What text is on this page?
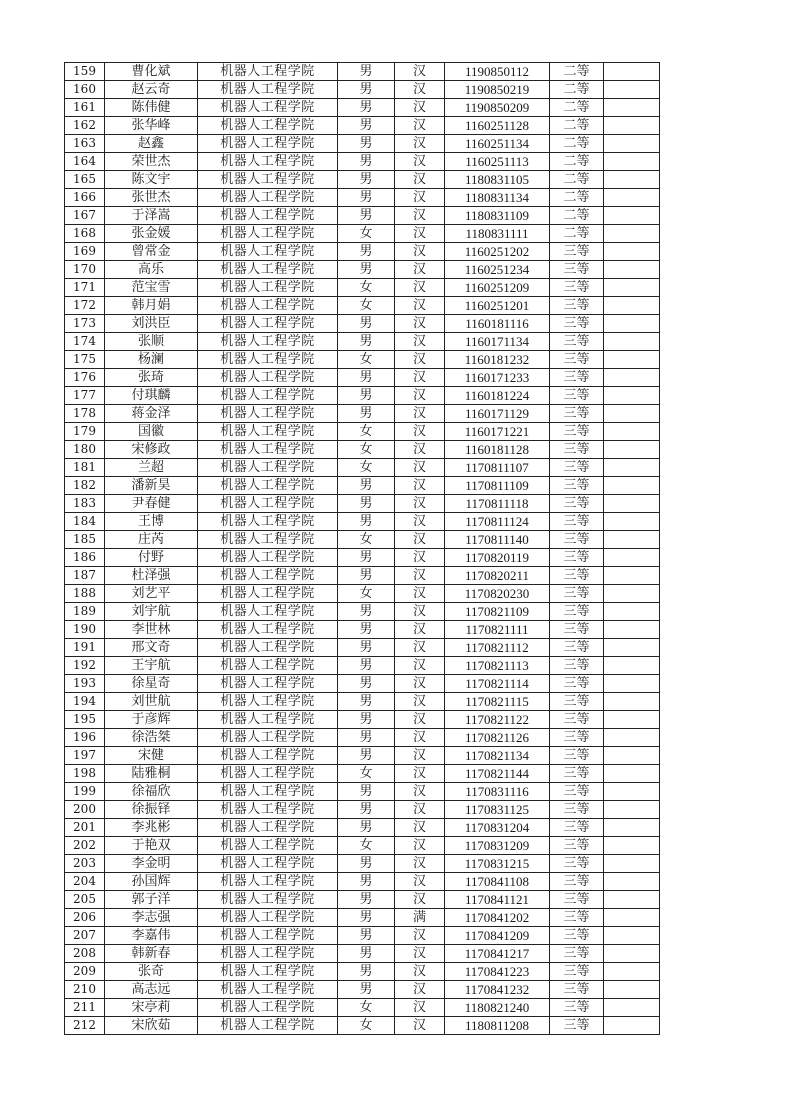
159	曹化斌	机器人工程学院	男	汉	1190850112	二等	
160	赵云奇	机器人工程学院	男	汉	1190850219	二等	
161	陈伟健	机器人工程学院	男	汉	1190850209	二等	
162	张华峰	机器人工程学院	男	汉	1160251128	二等	
163	赵鑫	机器人工程学院	男	汉	1160251134	二等	
164	荣世杰	机器人工程学院	男	汉	1160251113	二等	
165	陈文宇	机器人工程学院	男	汉	1180831105	二等	
166	张世杰	机器人工程学院	男	汉	1180831134	二等	
167	于泽嵩	机器人工程学院	男	汉	1180831109	二等	
168	张金媛	机器人工程学院	女	汉	1180831111	二等	
169	曾常金	机器人工程学院	男	汉	1160251202	三等	
170	高乐	机器人工程学院	男	汉	1160251234	三等	
171	范宝雪	机器人工程学院	女	汉	1160251209	三等	
172	韩月娟	机器人工程学院	女	汉	1160251201	三等	
173	刘洪臣	机器人工程学院	男	汉	1160181116	三等	
174	张顺	机器人工程学院	男	汉	1160171134	三等	
175	杨澜	机器人工程学院	女	汉	1160181232	三等	
176	张琦	机器人工程学院	男	汉	1160171233	三等	
177	付琪麟	机器人工程学院	男	汉	1160181224	三等	
178	蒋金泽	机器人工程学院	男	汉	1160171129	三等	
179	国徽	机器人工程学院	女	汉	1160171221	三等	
180	宋修政	机器人工程学院	女	汉	1160181128	三等	
181	兰超	机器人工程学院	女	汉	1170811107	三等	
182	潘新昊	机器人工程学院	男	汉	1170811109	三等	
183	尹春健	机器人工程学院	男	汉	1170811118	三等	
184	王博	机器人工程学院	男	汉	1170811124	三等	
185	庄芮	机器人工程学院	女	汉	1170811140	三等	
186	付野	机器人工程学院	男	汉	1170820119	三等	
187	杜泽强	机器人工程学院	男	汉	1170820211	三等	
188	刘艺平	机器人工程学院	女	汉	1170820230	三等	
189	刘宇航	机器人工程学院	男	汉	1170821109	三等	
190	李世林	机器人工程学院	男	汉	1170821111	三等	
191	邢文奇	机器人工程学院	男	汉	1170821112	三等	
192	王宇航	机器人工程学院	男	汉	1170821113	三等	
193	徐星奇	机器人工程学院	男	汉	1170821114	三等	
194	刘世航	机器人工程学院	男	汉	1170821115	三等	
195	于彦辉	机器人工程学院	男	汉	1170821122	三等	
196	徐浩桀	机器人工程学院	男	汉	1170821126	三等	
197	宋健	机器人工程学院	男	汉	1170821134	三等	
198	陆雅桐	机器人工程学院	女	汉	1170821144	三等	
199	徐福欣	机器人工程学院	男	汉	1170831116	三等	
200	徐振铎	机器人工程学院	男	汉	1170831125	三等	
201	李兆彬	机器人工程学院	男	汉	1170831204	三等	
202	于艳双	机器人工程学院	女	汉	1170831209	三等	
203	李金明	机器人工程学院	男	汉	1170831215	三等	
204	孙国辉	机器人工程学院	男	汉	1170841108	三等	
205	郭子洋	机器人工程学院	男	汉	1170841121	三等	
206	李志强	机器人工程学院	男	满	1170841202	三等	
207	李嘉伟	机器人工程学院	男	汉	1170841209	三等	
208	韩新春	机器人工程学院	男	汉	1170841217	三等	
209	张奇	机器人工程学院	男	汉	1170841223	三等	
210	高志远	机器人工程学院	男	汉	1170841232	三等	
211	宋亭莉	机器人工程学院	女	汉	1180821240	三等	
212	宋欣茹	机器人工程学院	女	汉	1180811208	三等	
